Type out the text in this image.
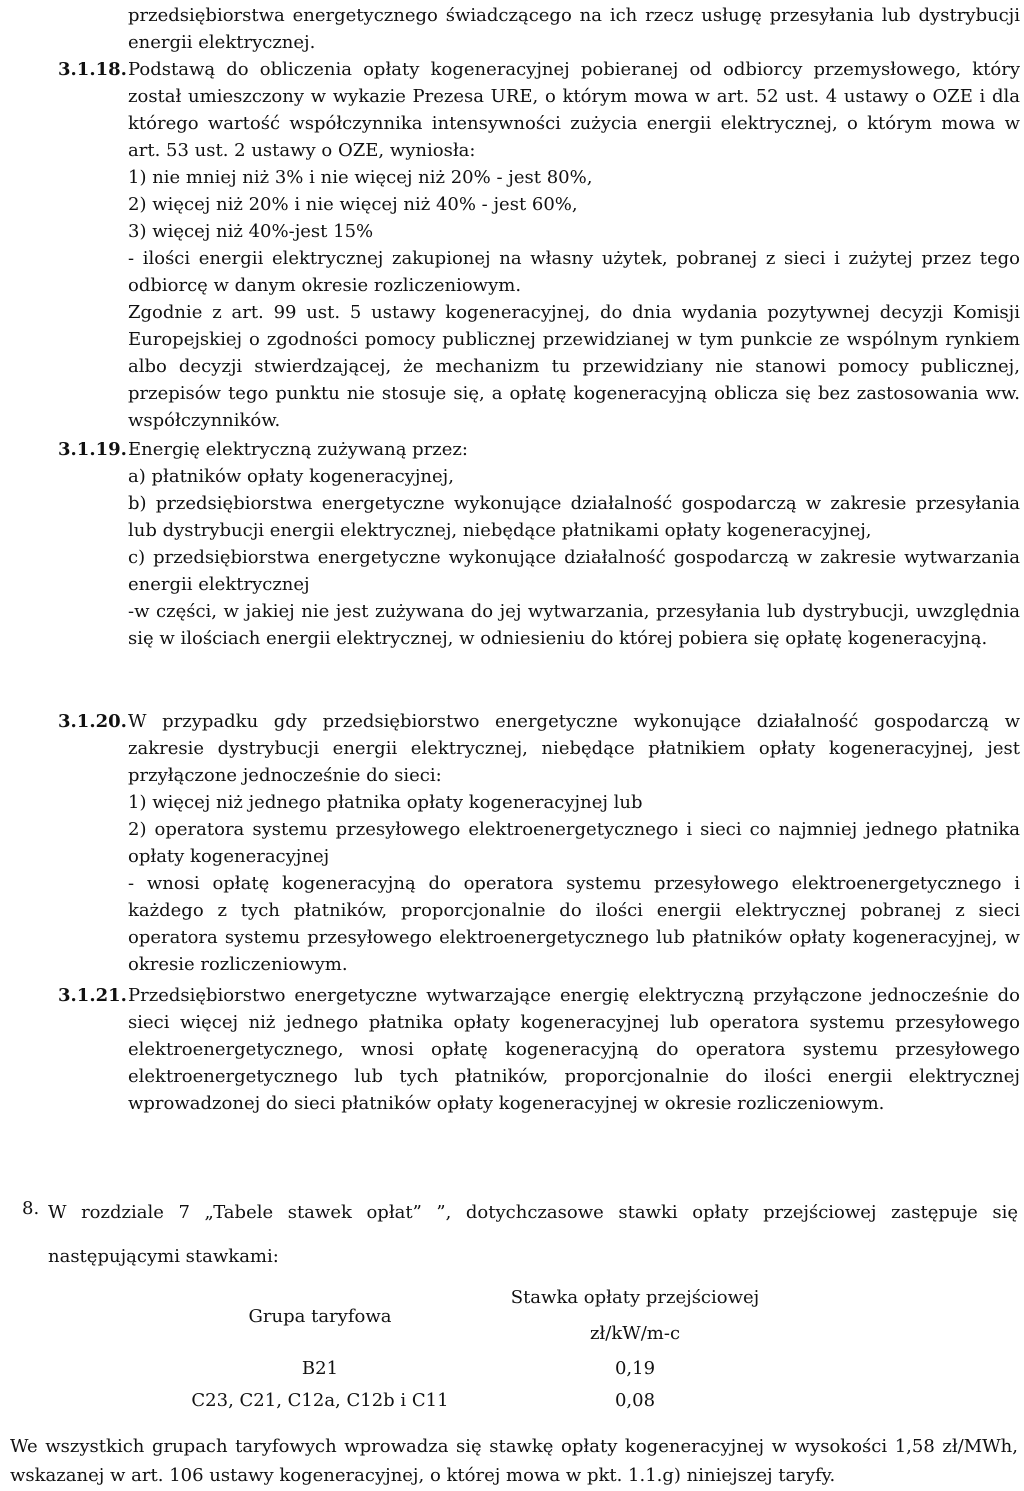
przedsiębiorstwa energetycznego świadczącego na ich rzecz usługę przesyłania lub dystrybucji energii elektrycznej.
3.1.18. Podstawą do obliczenia opłaty kogeneracyjnej pobieranej od odbiorcy przemysłowego, który został umieszczony w wykazie Prezesa URE, o którym mowa w art. 52 ust. 4 ustawy o OZE i dla którego wartość współczynnika intensywności zużycia energii elektrycznej, o którym mowa w art. 53 ust. 2 ustawy o OZE, wyniosła:
1) nie mniej niż 3% i nie więcej niż 20% - jest 80%,
2) więcej niż 20% i nie więcej niż 40% - jest 60%,
3) więcej niż 40%-jest 15%
- ilości energii elektrycznej zakupionej na własny użytek, pobranej z sieci i zużytej przez tego odbiorcę w danym okresie rozliczeniowym.
Zgodnie z art. 99 ust. 5 ustawy kogeneracyjnej, do dnia wydania pozytywnej decyzji Komisji Europejskiej o zgodności pomocy publicznej przewidzianej w tym punkcie ze wspólnym rynkiem albo decyzji stwierdzającej, że mechanizm tu przewidziany nie stanowi pomocy publicznej, przepisów tego punktu nie stosuje się, a opłatę kogeneracyjną oblicza się bez zastosowania ww. współczynników.
3.1.19. Energię elektryczną zużywaną przez:
a) płatników opłaty kogeneracyjnej,
b) przedsiębiorstwa energetyczne wykonujące działalność gospodarczą w zakresie przesyłania lub dystrybucji energii elektrycznej, niebędące płatnikami opłaty kogeneracyjnej,
c) przedsiębiorstwa energetyczne wykonujące działalność gospodarczą w zakresie wytwarzania energii elektrycznej
-w części, w jakiej nie jest zużywana do jej wytwarzania, przesyłania lub dystrybucji, uwzględnia się w ilościach energii elektrycznej, w odniesieniu do której pobiera się opłatę kogeneracyjną.
3.1.20. W przypadku gdy przedsiębiorstwo energetyczne wykonujące działalność gospodarczą w zakresie dystrybucji energii elektrycznej, niebędące płatnikiem opłaty kogeneracyjnej, jest przyłączone jednocześnie do sieci:
1) więcej niż jednego płatnika opłaty kogeneracyjnej lub
2) operatora systemu przesyłowego elektroenergetycznego i sieci co najmniej jednego płatnika opłaty kogeneracyjnej
- wnosi opłatę kogeneracyjną do operatora systemu przesyłowego elektroenergetycznego i każdego z tych płatników, proporcjonalnie do ilości energii elektrycznej pobranej z sieci operatora systemu przesyłowego elektroenergetycznego lub płatników opłaty kogeneracyjnej, w okresie rozliczeniowym.
3.1.21. Przedsiębiorstwo energetyczne wytwarzające energię elektryczną przyłączone jednocześnie do sieci więcej niż jednego płatnika opłaty kogeneracyjnej lub operatora systemu przesyłowego elektroenergetycznego, wnosi opłatę kogeneracyjną do operatora systemu przesyłowego elektroenergetycznego lub tych płatników, proporcjonalnie do ilości energii elektrycznej wprowadzonej do sieci płatników opłaty kogeneracyjnej w okresie rozliczeniowym.
8. W rozdziale 7 „Tabele stawek opłat” ”, dotychczasowe stawki opłaty przejściowej zastępuje się następującymi stawkami:
Grupa taryfowa	Stawka opłaty przejściowej
zł/kW/m-c

B21	0,19
C23, C21, C12a, C12b i C11	0,08
We wszystkich grupach taryfowych wprowadza się stawkę opłaty kogeneracyjnej w wysokości 1,58 zł/MWh, wskazanej w art. 106 ustawy kogeneracyjnej, o której mowa w pkt. 1.1.g) niniejszej taryfy.
